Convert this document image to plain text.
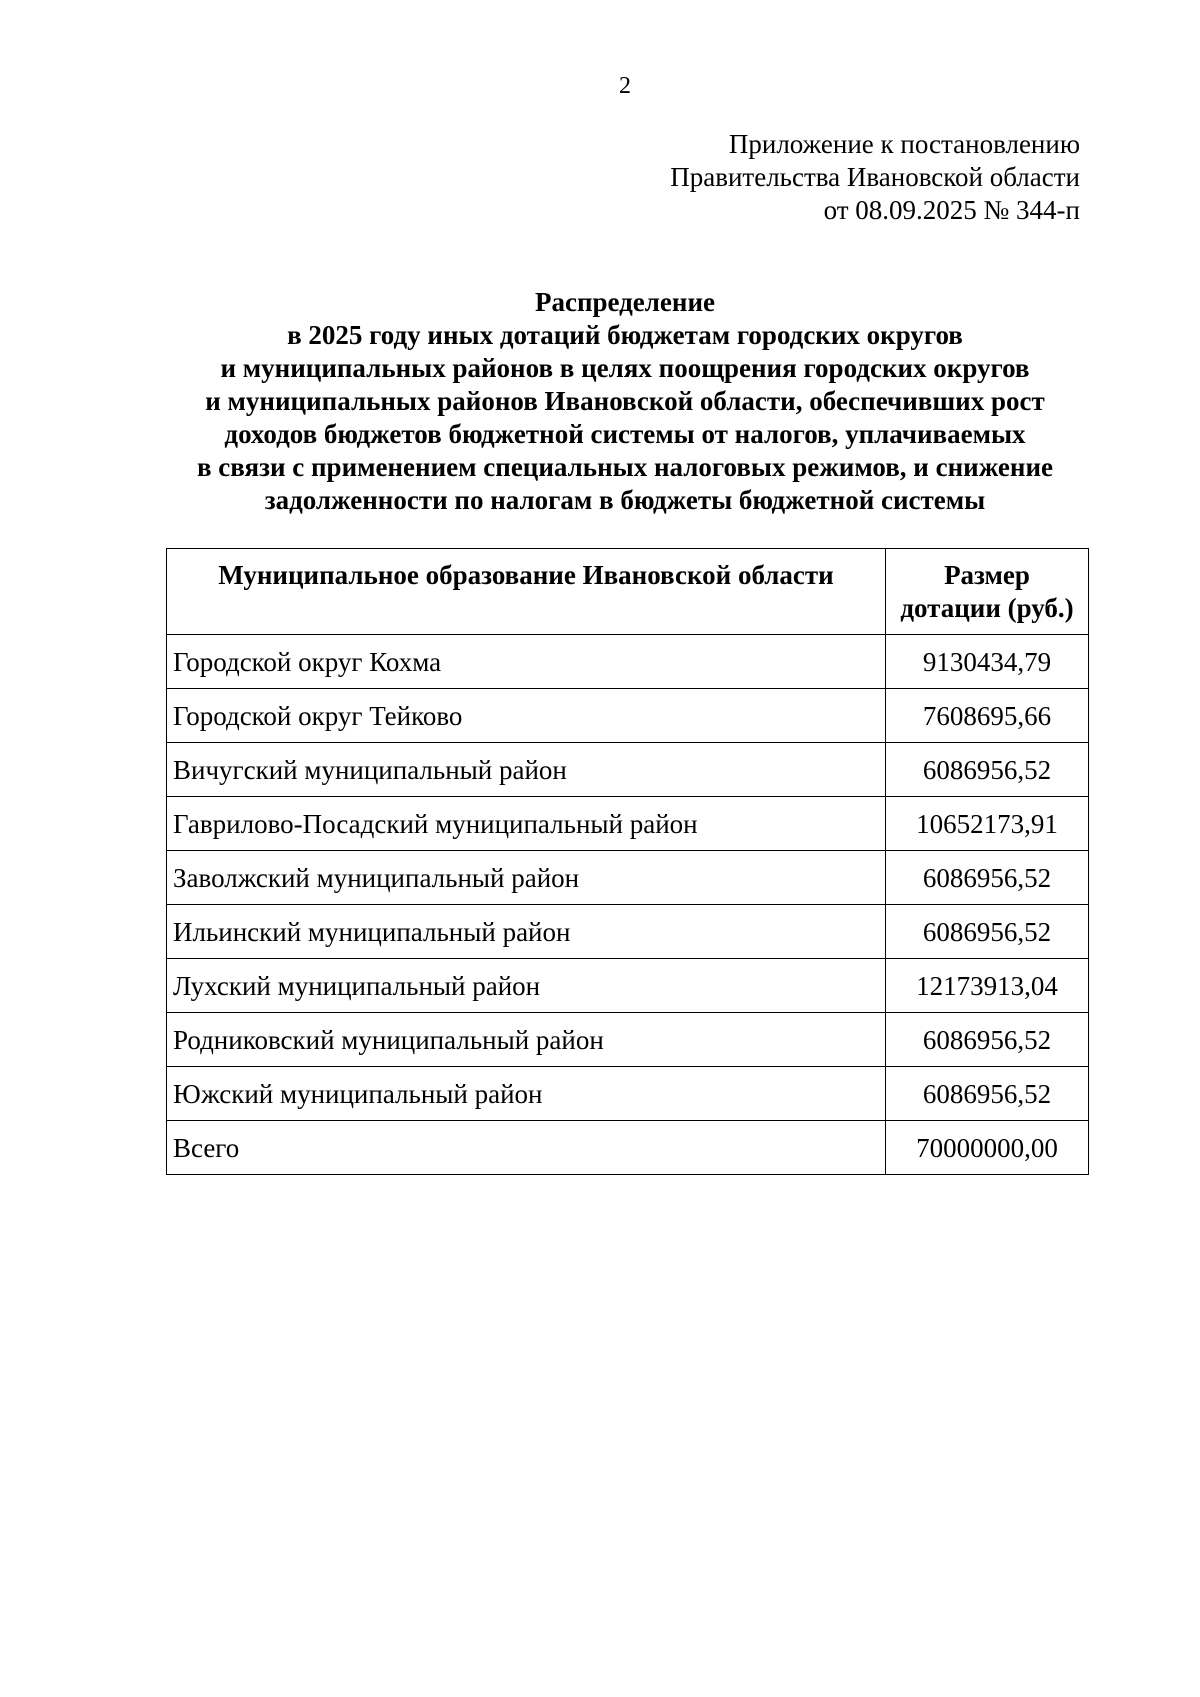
2
Приложение к постановлению
Правительства Ивановской области
от 08.09.2025 № 344-п
Распределение
в 2025 году иных дотаций бюджетам городских округов
и муниципальных районов в целях поощрения городских округов
и муниципальных районов Ивановской области, обеспечивших рост
доходов бюджетов бюджетной системы от налогов, уплачиваемых
в связи с применением специальных налоговых режимов, и снижение
задолженности по налогам в бюджеты бюджетной системы
Муниципальное образование Ивановской области	Размер
дотации (руб.)

Городской округ Кохма	9130434,79
Городской округ Тейково	7608695,66
Вичугский муниципальный район	6086956,52
Гаврилово-Посадский муниципальный район	10652173,91
Заволжский муниципальный район	6086956,52
Ильинский муниципальный район	6086956,52
Лухский муниципальный район	12173913,04
Родниковский муниципальный район	6086956,52
Южский муниципальный район	6086956,52
Всего	70000000,00
